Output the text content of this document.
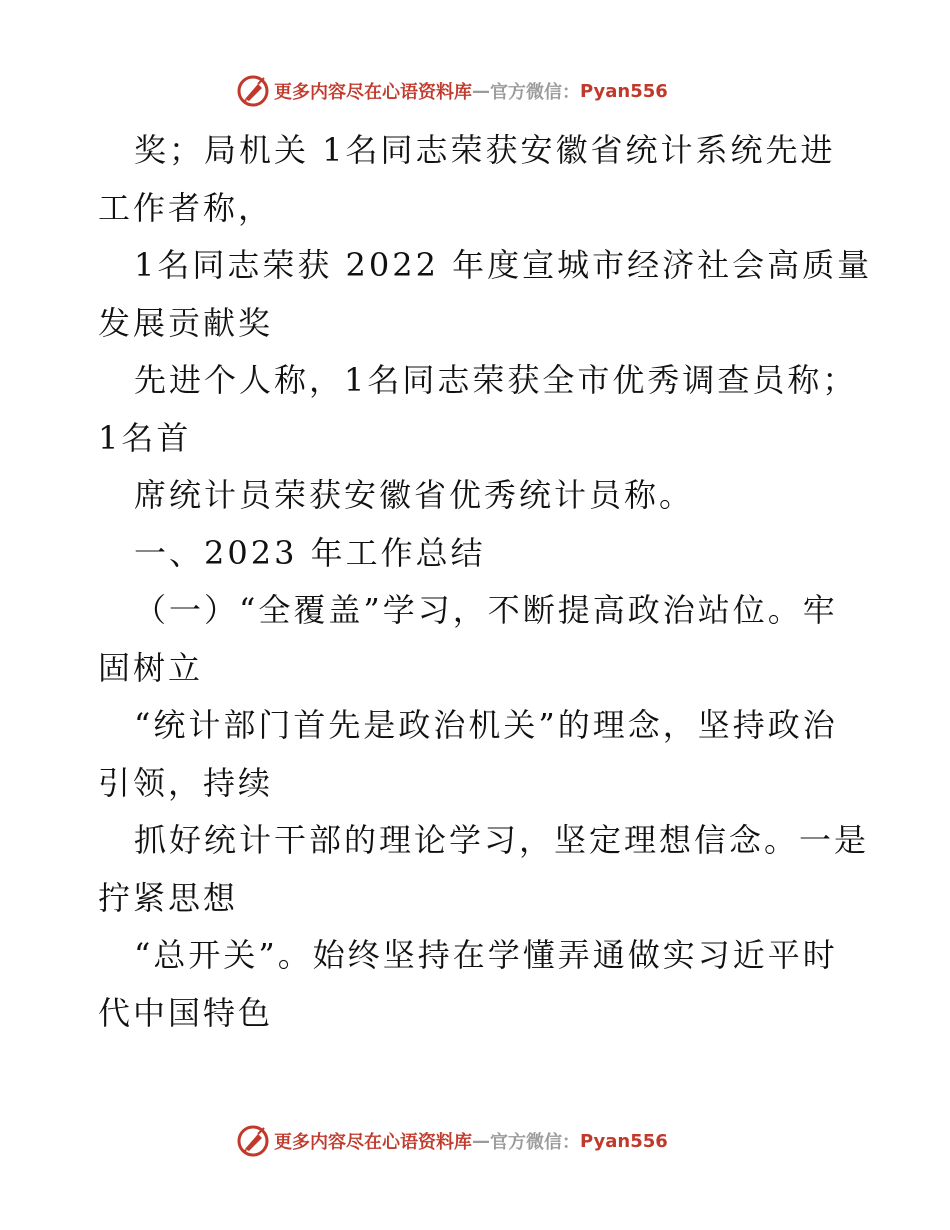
更多内容尽在心语资料库 — 官方微信： Pyan556
奖；局机关 1名同志荣获安徽省统计系统先进
工作者称，
1名同志荣获 2022 年度宣城市经济社会高质量
发展贡献奖
先进个人称，1名同志荣获全市优秀调查员称；
1名首
席统计员荣获安徽省优秀统计员称。
一、2023 年工作总结
（一）“全覆盖”学习，不断提高政治站位。牢
固树立
“统计部门首先是政治机关”的理念，坚持政治
引领，持续
抓好统计干部的理论学习，坚定理想信念。一是
拧紧思想
“总开关”。始终坚持在学懂弄通做实习近平时
代中国特色
更多内容尽在心语资料库 — 官方微信： Pyan556
